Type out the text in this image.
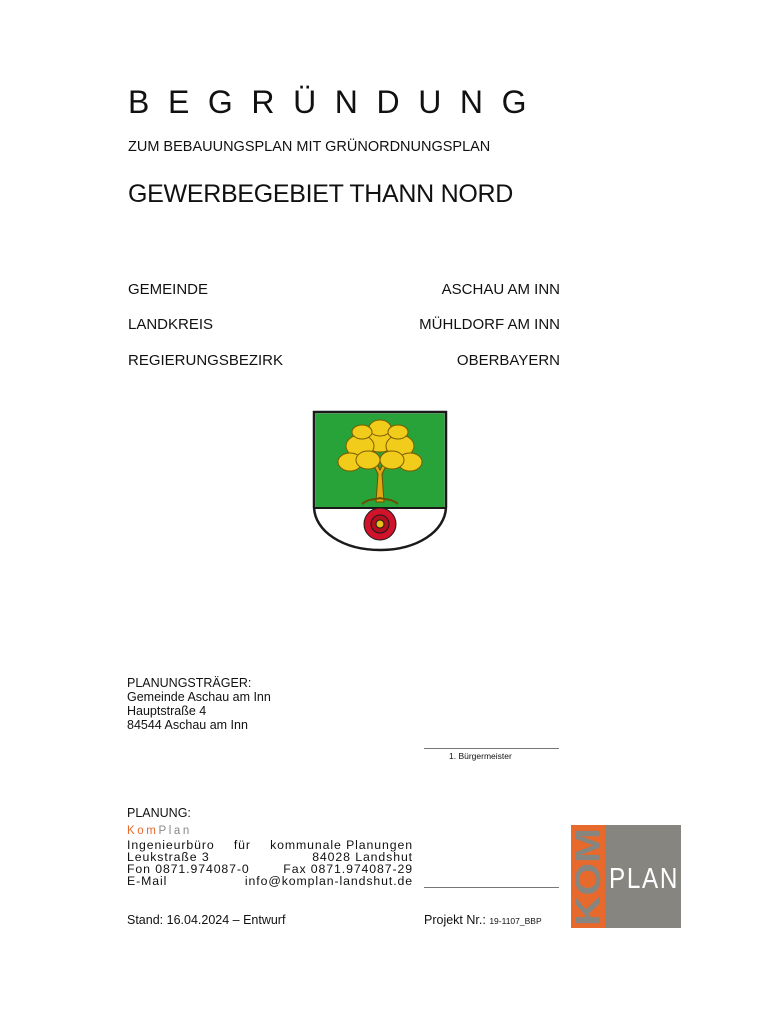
BEGRÜNDUNG
ZUM BEBAUUNGSPLAN MIT GRÜNORDNUNGSPLAN
GEWERBEGEBIET THANN NORD
GEMEINDE	ASCHAU AM INN
LANDKREIS	MÜHLDORF AM INN
REGIERUNGSBEZIRK	OBERBAYERN
PLANUNGSTRÄGER:
Gemeinde Aschau am Inn
Hauptstraße 4
84544 Aschau am Inn
1. Bürgermeister
PLANUNG:
KomPlan
Ingenieurbüro für kommunale Planungen
Leukstraße 3	84028 Landshut
Fon 0871.974087-0	Fax 0871.974087-29
E-Mail	info@komplan-landshut.de
Stand: 16.04.2024 – Entwurf	Projekt Nr.: 19-1107_BBP KOM PLAN
